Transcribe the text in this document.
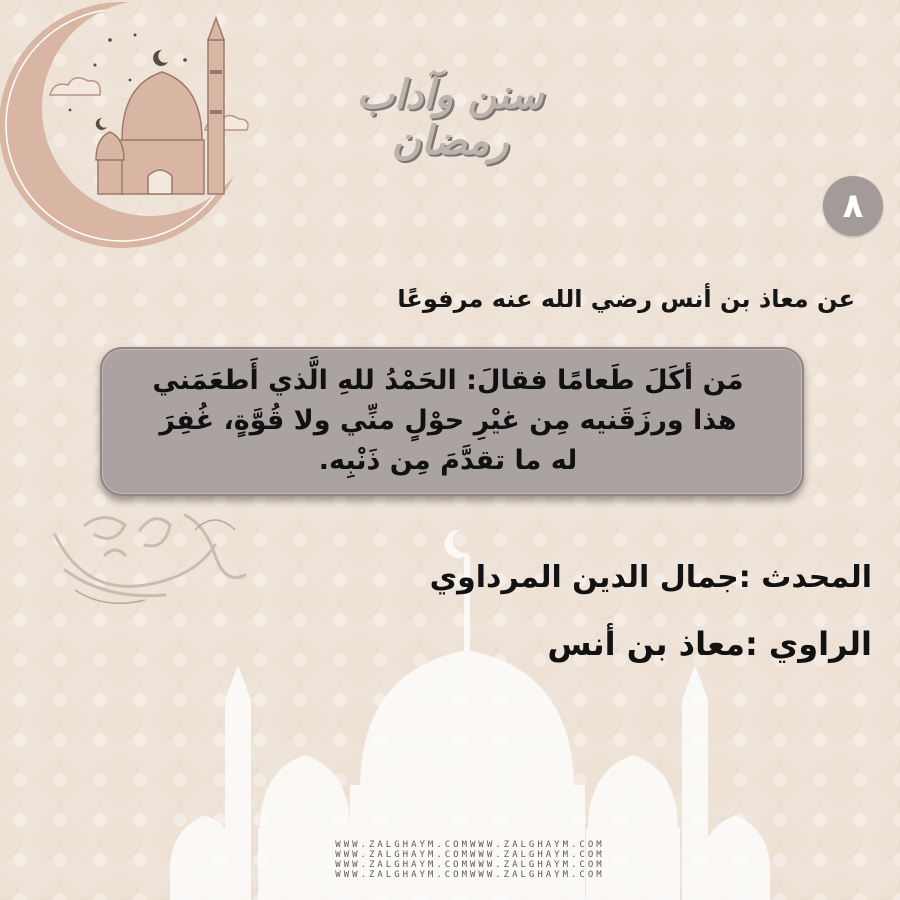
سنن وآداب رمضان
٨
عن معاذ بن أنس رضي الله عنه مرفوعًا
مَن أكَلَ طَعامًا فقالَ: الحَمْدُ للهِ الَّذي أَطعَمَني هذا ورزَقَنيه مِن غيْرِ حوْلٍ منِّي ولا قُوَّةٍ، غُفِرَ له ما تقدَّمَ مِن ذَنْبِه.
المحدث :جمال الدين المرداوي
الراوي :معاذ بن أنس
WWW.ZALGHAYM.COMWWW.ZALGHAYM.COM
WWW.ZALGHAYM.COMWWW.ZALGHAYM.COM
WWW.ZALGHAYM.COMWWW.ZALGHAYM.COM
WWW.ZALGHAYM.COMWWW.ZALGHAYM.COM
